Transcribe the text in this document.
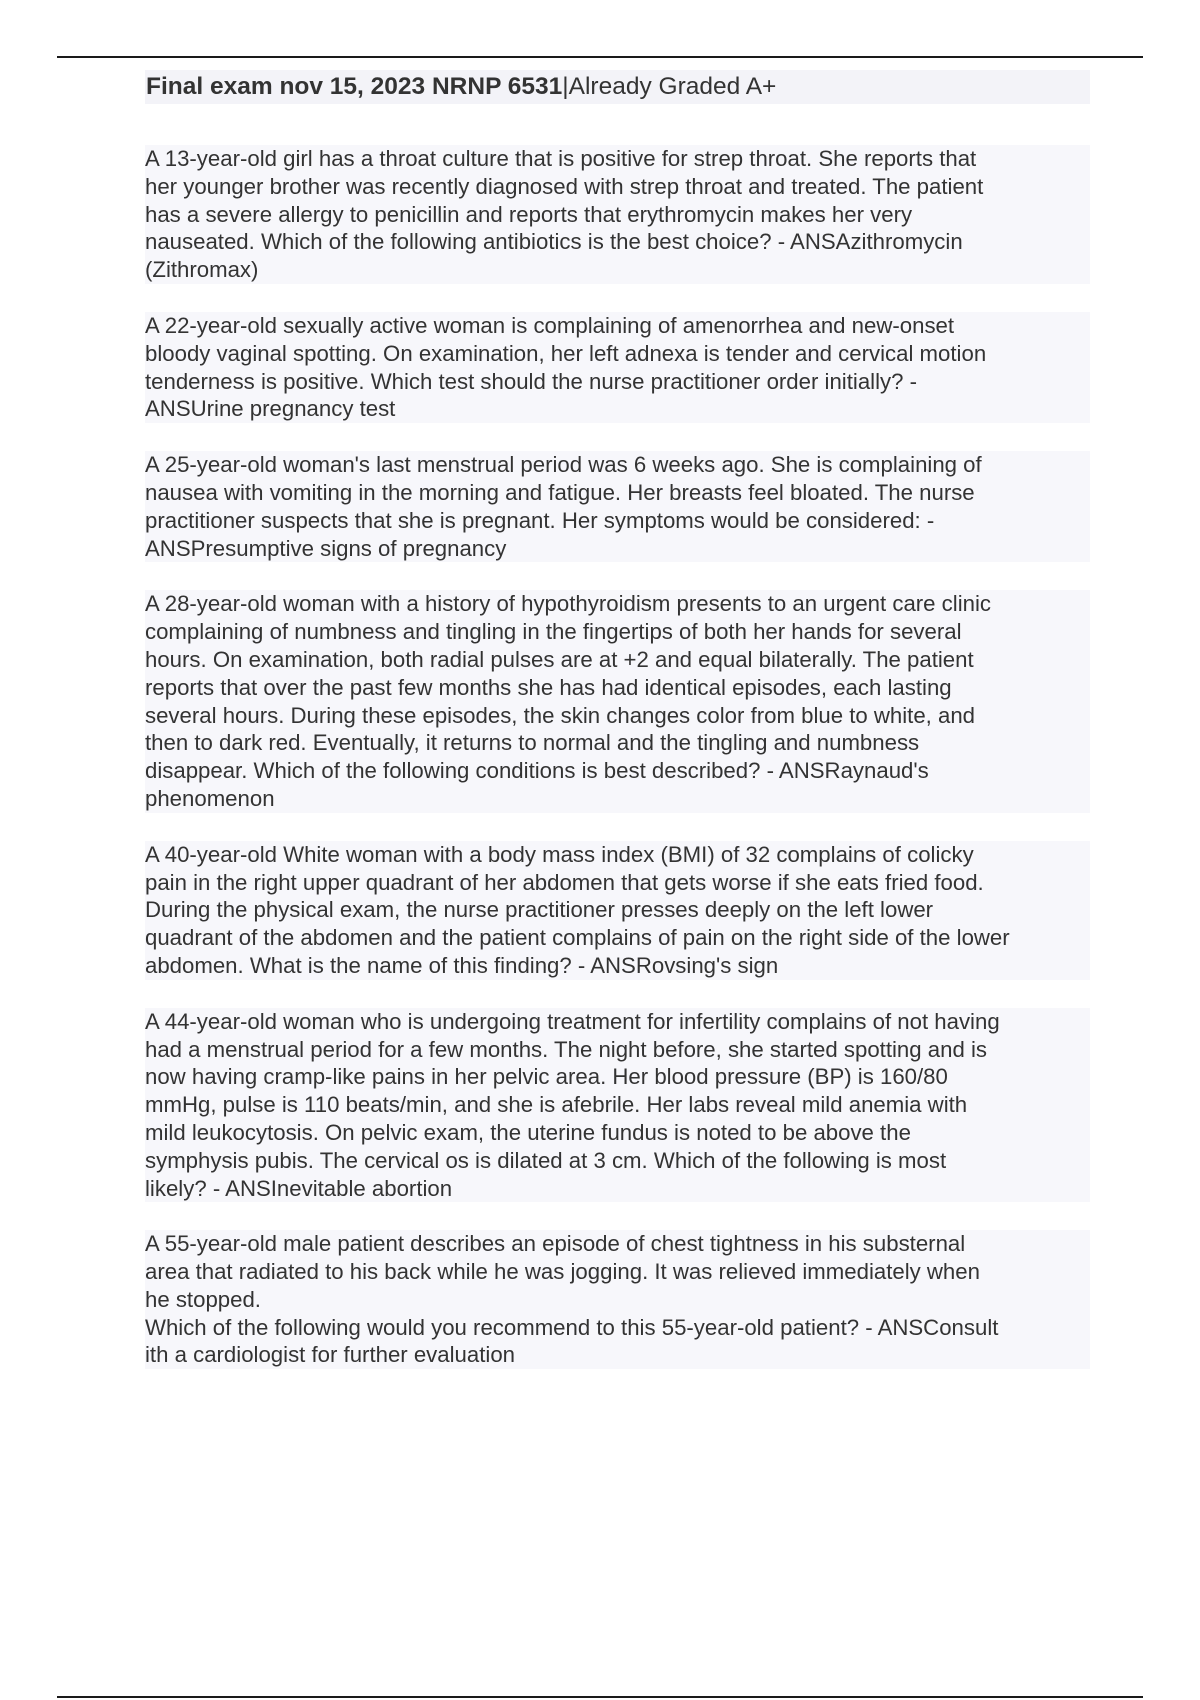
Final exam nov 15, 2023 NRNP 6531|Already Graded A+

A 13-year-old girl has a throat culture that is positive for strep throat. She reports that
her younger brother was recently diagnosed with strep throat and treated. The patient
has a severe allergy to penicillin and reports that erythromycin makes her very
nauseated. Which of the following antibiotics is the best choice? - ANSAzithromycin
(Zithromax)

A 22-year-old sexually active woman is complaining of amenorrhea and new-onset
bloody vaginal spotting. On examination, her left adnexa is tender and cervical motion
tenderness is positive. Which test should the nurse practitioner order initially? -
ANSUrine pregnancy test

A 25-year-old woman's last menstrual period was 6 weeks ago. She is complaining of
nausea with vomiting in the morning and fatigue. Her breasts feel bloated. The nurse
practitioner suspects that she is pregnant. Her symptoms would be considered: -
ANSPresumptive signs of pregnancy

A 28-year-old woman with a history of hypothyroidism presents to an urgent care clinic
complaining of numbness and tingling in the fingertips of both her hands for several
hours. On examination, both radial pulses are at +2 and equal bilaterally. The patient
reports that over the past few months she has had identical episodes, each lasting
several hours. During these episodes, the skin changes color from blue to white, and
then to dark red. Eventually, it returns to normal and the tingling and numbness
disappear. Which of the following conditions is best described? - ANSRaynaud's
phenomenon

A 40-year-old White woman with a body mass index (BMI) of 32 complains of colicky
pain in the right upper quadrant of her abdomen that gets worse if she eats fried food.
During the physical exam, the nurse practitioner presses deeply on the left lower
quadrant of the abdomen and the patient complains of pain on the right side of the lower
abdomen. What is the name of this finding? - ANSRovsing's sign

A 44-year-old woman who is undergoing treatment for infertility complains of not having
had a menstrual period for a few months. The night before, she started spotting and is
now having cramp-like pains in her pelvic area. Her blood pressure (BP) is 160/80
mmHg, pulse is 110 beats/min, and she is afebrile. Her labs reveal mild anemia with
mild leukocytosis. On pelvic exam, the uterine fundus is noted to be above the
symphysis pubis. The cervical os is dilated at 3 cm. Which of the following is most
likely? - ANSInevitable abortion

A 55-year-old male patient describes an episode of chest tightness in his substernal
area that radiated to his back while he was jogging. It was relieved immediately when
he stopped.
Which of the following would you recommend to this 55-year-old patient? - ANSConsult
ith a cardiologist for further evaluation
